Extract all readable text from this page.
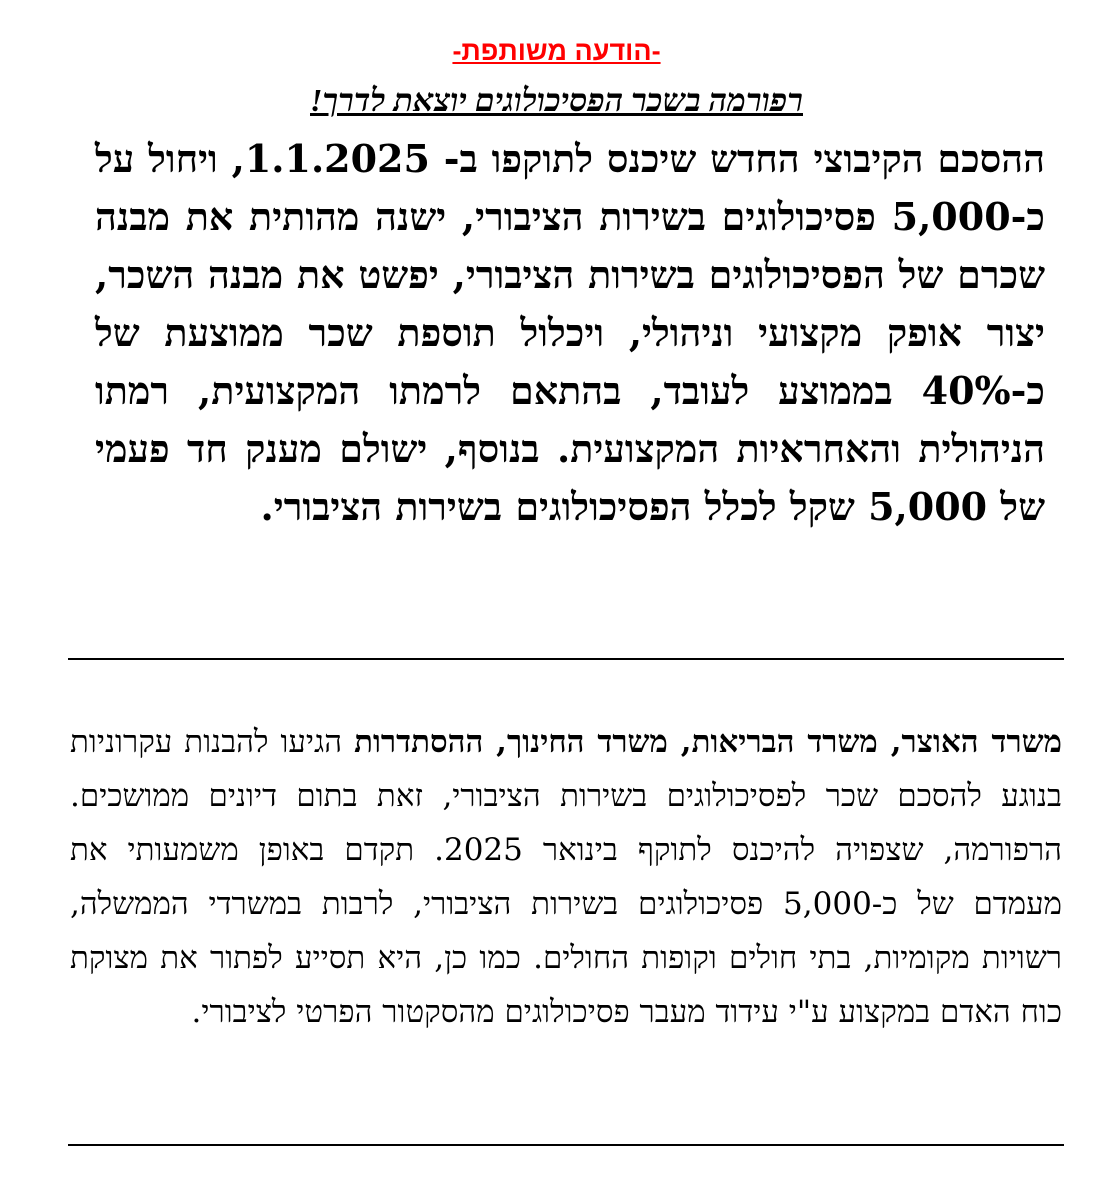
-הודעה משותפת-
רפורמה בשכר הפסיכולוגים יוצאת לדרך!

ההסכם הקיבוצי החדש שיכנס לתוקפו ב- 1.1.2025, ויחול על כ-5,000 פסיכולוגים בשירות הציבורי, ישנה מהותית את מבנה שכרם של הפסיכולוגים בשירות הציבורי, יפשט את מבנה השכר, יצור אופק מקצועי וניהולי, ויכלול תוספת שכר ממוצעת של כ-40% בממוצע לעובד, בהתאם לרמתו המקצועית, רמתו הניהולית והאחראיות המקצועית. בנוסף, ישולם מענק חד פעמי של 5,000 שקל לכלל הפסיכולוגים בשירות הציבורי.

משרד האוצר, משרד הבריאות, משרד החינוך, ההסתדרות הגיעו להבנות עקרוניות בנוגע להסכם שכר לפסיכולוגים בשירות הציבורי, זאת בתום דיונים ממושכים. הרפורמה, שצפויה להיכנס לתוקף בינואר 2025. תקדם באופן משמעותי את מעמדם של כ-5,000 פסיכולוגים בשירות הציבורי, לרבות במשרדי הממשלה, רשויות מקומיות, בתי חולים וקופות החולים. כמו כן, היא תסייע לפתור את מצוקת כוח האדם במקצוע ע"י עידוד מעבר פסיכולוגים מהסקטור הפרטי לציבורי.
